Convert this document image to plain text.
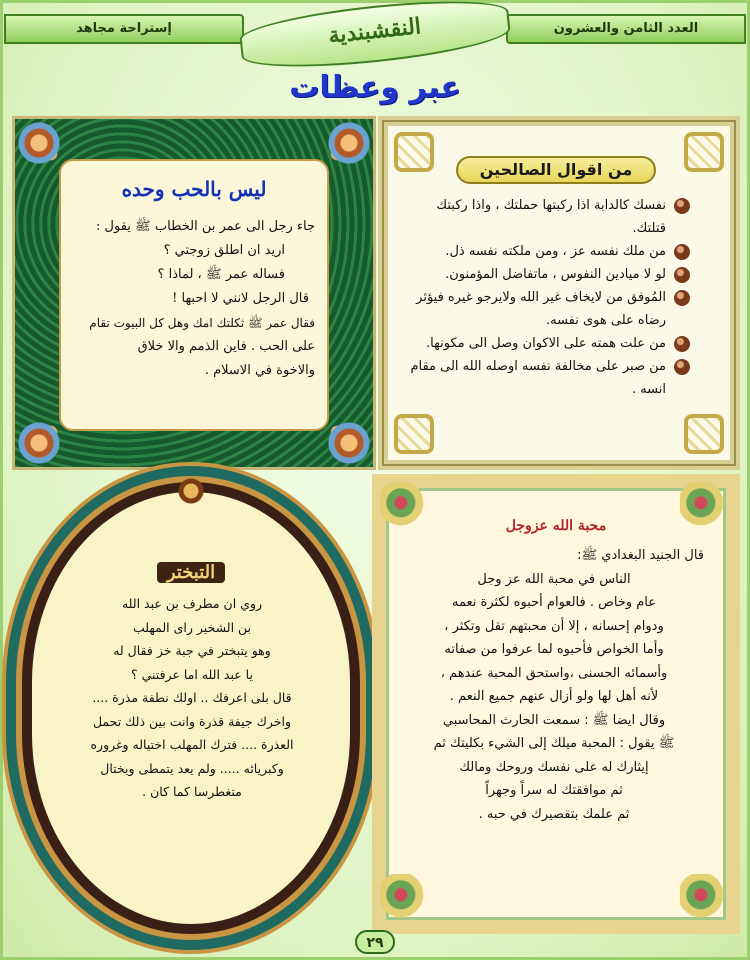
العدد الثامن والعشرون
إستراحة مجاهد	النقشبندية
عبر وعظات
ليس بالحب وحده

جاء رجل الى عمر بن الخطاب ﷺ يقول :

اريد ان اطلق زوجتي ؟

فساله عمر ﷺ ، لماذا ؟

قال الرجل لانني لا احبها !

فقال عمر ﷺ ثكلتك امك وهل كل البيوت تقام

على الحب . فاين الذمم والا خلاق

والاخوة في الاسلام .

من اقوال الصالحين
نفسك كالدابة اذا ركبتها حملتك ، واذا ركبتك قتلتك.
من ملك نفسه عز ، ومن ملكته نفسه ذل.
لو لا ميادين النفوس ، ماتفاضل المؤمنون.
المُوفق من لايخاف غير الله ولايرجو غيره فيؤثر رضاه على هوى نفسه.
من علت همته على الاكوان وصل الى مكونها.
من صبر على مخالفة نفسه اوصله الله الى مقام انسه .
التبختر
روي ان مطرف بن عبد الله
بن الشخير راى المهلب
وهو يتبختر في جبة خز فقال له
يا عبد الله اما عرفتني ؟
قال بلى اعرفك .. اولك نطفة مذرة ....
واخرك جيفة قذرة وانت بين ذلك تحمل
العذرة .... فترك المهلب اختياله وغروره
وكبريائه ..... ولم يعد يتمطى ويختال
متغطرسا كما كان .
محبة الله عزوجل
قال الجنيد البغدادي ﷺ:
الناس في محبة الله عز وجل
عام وخاص . فالعوام أحبوه لكثرة نعمه
ودوام إحسانه ، إلا أن محبتهم تقل وتكثر ،
وأما الخواص فأحبوه لما عرفوا من صفاته
وأسمائه الحسنى ،واستحق المحبة عندهم ،
لأنه أهل لها ولو أزال عنهم جميع النعم .
وقال ايضا ﷺ : سمعت الحارث المحاسبي
ﷺ يقول : المحبة ميلك إلى الشيء بكليتك ثم
إيثارك له على نفسك وروحك ومالك
ثم موافقتك له سراً وجهراً
ثم علمك بتقصيرك في حبه .
٢٩
